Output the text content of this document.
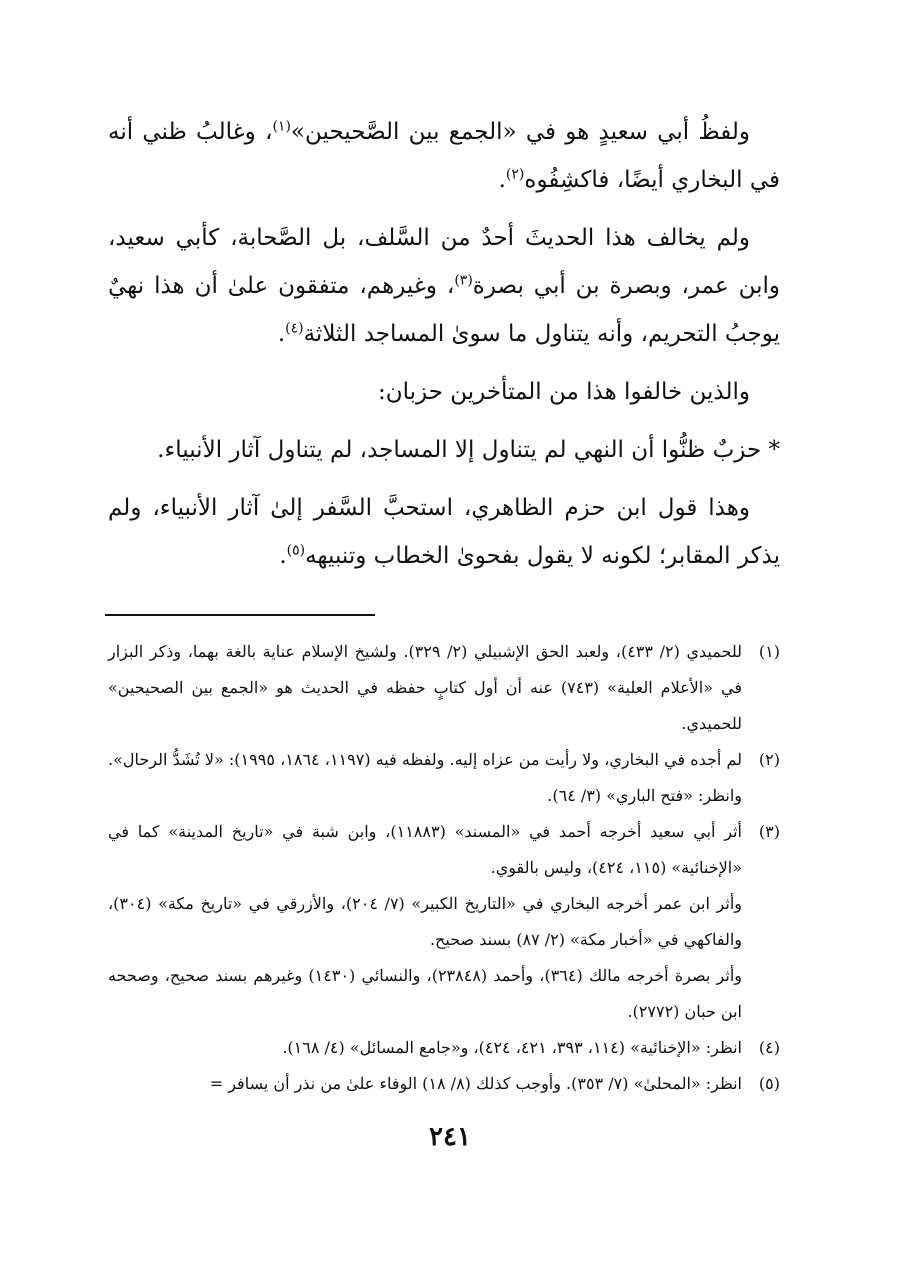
ولفظُ أبي سعيدٍ هو في «الجمع بين الصَّحيحين»$^{(١)}$، وغالبُ ظني أنه في البخاري أيضًا، فاكشِفُوه$^{(٢)}$.

ولم يخالف هذا الحديثَ أحدٌ من السَّلف، بل الصَّحابة، كأبي سعيد، وابن عمر، وبصرة بن أبي بصرة$^{(٣)}$، وغيرهم، متفقون علىٰ أن هذا نهيٌ يوجبُ التحريم، وأنه يتناول ما سوىٰ المساجد الثلاثة$^{(٤)}$.

والذين خالفوا هذا من المتأخرين حزبان:

* حزبٌ ظنُّوا أن النهي لم يتناول إلا المساجد، لم يتناول آثار الأنبياء.

وهذا قول ابن حزم الظاهري، استحبَّ السَّفر إلىٰ آثار الأنبياء، ولم يذكر المقابر؛ لكونه لا يقول بفحوىٰ الخطاب وتنبيهه$^{(٥)}$.

(١)
للحميدي (٢/ ٤٣٣)، ولعبد الحق الإشبيلي (٢/ ٣٢٩). ولشيخ الإسلام عناية بالغة بهما، وذكر البزار في «الأعلام العلية» (٧٤٣) عنه أن أول كتابٍ حفظه في الحديث هو «الجمع بين الصحيحين» للحميدي.
(٢)
لم أجده في البخاري، ولا رأيت من عزاه إليه. ولفظه فيه (١١٩٧، ١٨٦٤، ١٩٩٥): «لا تُشَدُّ الرحال». وانظر: «فتح الباري» (٣/ ٦٤).
(٣)
أثر أبي سعيد أخرجه أحمد في «المسند» (١١٨٨٣)، وابن شبة في «تاريخ المدينة» كما في «الإخنائية» (١١٥، ٤٢٤)، وليس بالقوي.
وأثر ابن عمر أخرجه البخاري في «التاريخ الكبير» (٧/ ٢٠٤)، والأزرقي في «تاريخ مكة» (٣٠٤)، والفاكهي في «أخبار مكة» (٢/ ٨٧) بسند صحيح.
وأثر بصرة أخرجه مالك (٣٦٤)، وأحمد (٢٣٨٤٨)، والنسائي (١٤٣٠) وغيرهم بسند صحيح، وصححه ابن حبان (٢٧٧٢).
(٤)
انظر: «الإخنائية» (١١٤، ٣٩٣، ٤٢١، ٤٢٤)، و«جامع المسائل» (٤/ ١٦٨).
(٥)
انظر: «المحلىٰ» (٧/ ٣٥٣). وأوجب كذلك (٨/ ١٨) الوفاء علىٰ من نذر أن يسافر =
٢٤١
